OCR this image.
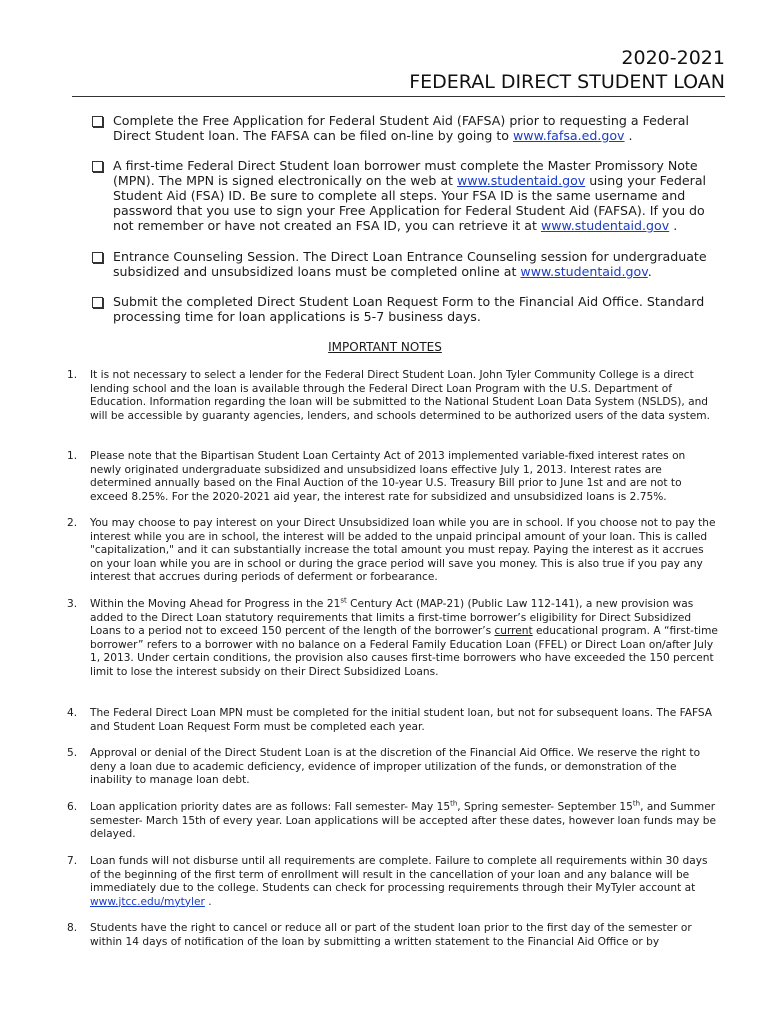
2020-2021
FEDERAL DIRECT STUDENT LOAN
Complete the Free Application for Federal Student Aid (FAFSA) prior to requesting a Federal Direct Student loan. The FAFSA can be filed on-line by going to www.fafsa.ed.gov .
A first-time Federal Direct Student loan borrower must complete the Master Promissory Note (MPN). The MPN is signed electronically on the web at www.studentaid.gov using your Federal Student Aid (FSA) ID. Be sure to complete all steps. Your FSA ID is the same username and password that you use to sign your Free Application for Federal Student Aid (FAFSA). If you do not remember or have not created an FSA ID, you can retrieve it at www.studentaid.gov .
Entrance Counseling Session. The Direct Loan Entrance Counseling session for undergraduate subsidized and unsubsidized loans must be completed online at www.studentaid.gov.
Submit the completed Direct Student Loan Request Form to the Financial Aid Office. Standard processing time for loan applications is 5-7 business days.
IMPORTANT NOTES
1. It is not necessary to select a lender for the Federal Direct Student Loan. John Tyler Community College is a direct lending school and the loan is available through the Federal Direct Loan Program with the U.S. Department of Education. Information regarding the loan will be submitted to the National Student Loan Data System (NSLDS), and will be accessible by guaranty agencies, lenders, and schools determined to be authorized users of the data system.
1. Please note that the Bipartisan Student Loan Certainty Act of 2013 implemented variable-fixed interest rates on newly originated undergraduate subsidized and unsubsidized loans effective July 1, 2013. Interest rates are determined annually based on the Final Auction of the 10-year U.S. Treasury Bill prior to June 1st and are not to exceed 8.25%. For the 2020-2021 aid year, the interest rate for subsidized and unsubsidized loans is 2.75%.
2. You may choose to pay interest on your Direct Unsubsidized loan while you are in school. If you choose not to pay the interest while you are in school, the interest will be added to the unpaid principal amount of your loan. This is called "capitalization," and it can substantially increase the total amount you must repay. Paying the interest as it accrues on your loan while you are in school or during the grace period will save you money. This is also true if you pay any interest that accrues during periods of deferment or forbearance.
3. Within the Moving Ahead for Progress in the 21st Century Act (MAP-21) (Public Law 112-141), a new provision was added to the Direct Loan statutory requirements that limits a first-time borrower’s eligibility for Direct Subsidized Loans to a period not to exceed 150 percent of the length of the borrower’s current educational program. A “first-time borrower” refers to a borrower with no balance on a Federal Family Education Loan (FFEL) or Direct Loan on/after July 1, 2013. Under certain conditions, the provision also causes first-time borrowers who have exceeded the 150 percent limit to lose the interest subsidy on their Direct Subsidized Loans.
4. The Federal Direct Loan MPN must be completed for the initial student loan, but not for subsequent loans. The FAFSA and Student Loan Request Form must be completed each year.
5. Approval or denial of the Direct Student Loan is at the discretion of the Financial Aid Office. We reserve the right to deny a loan due to academic deficiency, evidence of improper utilization of the funds, or demonstration of the inability to manage loan debt.
6. Loan application priority dates are as follows: Fall semester- May 15th, Spring semester- September 15th, and Summer semester- March 15th of every year. Loan applications will be accepted after these dates, however loan funds may be delayed.
7. Loan funds will not disburse until all requirements are complete. Failure to complete all requirements within 30 days of the beginning of the first term of enrollment will result in the cancellation of your loan and any balance will be immediately due to the college. Students can check for processing requirements through their MyTyler account at www.jtcc.edu/mytyler .
8. Students have the right to cancel or reduce all or part of the student loan prior to the first day of the semester or within 14 days of notification of the loan by submitting a written statement to the Financial Aid Office or by
